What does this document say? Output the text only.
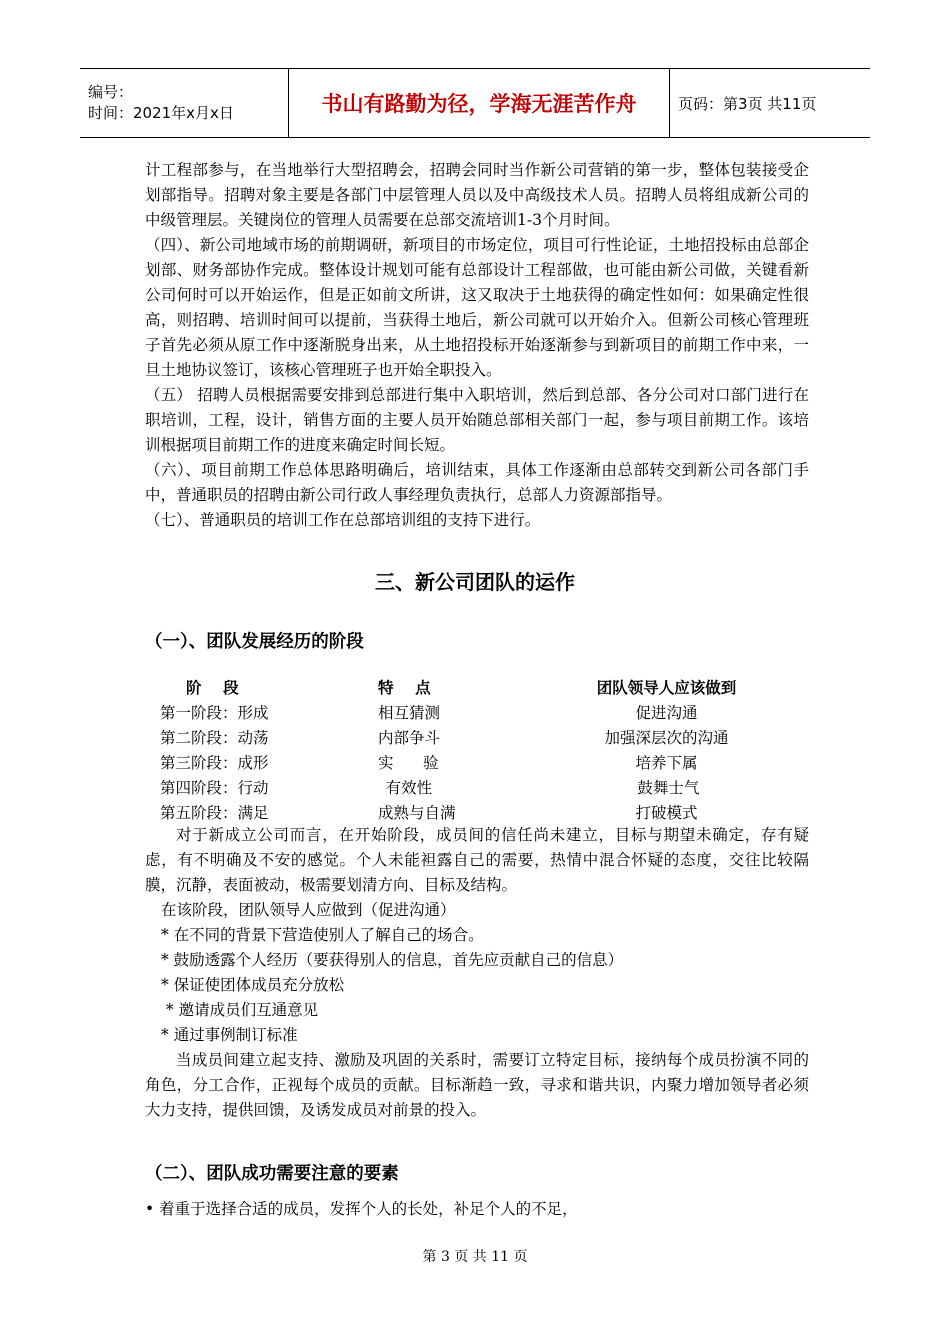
编号：
时间：2021年x月x日	书山有路勤为径，学海无涯苦作舟	页码：第3页 共11页

计工程部参与，在当地举行大型招聘会，招聘会同时当作新公司营销的第一步，整体包装接受企划部指导。招聘对象主要是各部门中层管理人员以及中高级技术人员。招聘人员将组成新公司的中级管理层。关键岗位的管理人员需要在总部交流培训1-3个月时间。

（四）、新公司地域市场的前期调研，新项目的市场定位，项目可行性论证，土地招投标由总部企划部、财务部协作完成。整体设计规划可能有总部设计工程部做，也可能由新公司做，关键看新公司何时可以开始运作，但是正如前文所讲，这又取决于土地获得的确定性如何：如果确定性很高，则招聘、培训时间可以提前，当获得土地后，新公司就可以开始介入。但新公司核心管理班子首先必须从原工作中逐渐脱身出来，从土地招投标开始逐渐参与到新项目的前期工作中来，一旦土地协议签订，该核心管理班子也开始全职投入。

（五） 招聘人员根据需要安排到总部进行集中入职培训，然后到总部、各分公司对口部门进行在职培训，工程，设计，销售方面的主要人员开始随总部相关部门一起，参与项目前期工作。该培训根据项目前期工作的进度来确定时间长短。

（六）、项目前期工作总体思路明确后，培训结束，具体工作逐渐由总部转交到新公司各部门手中，普通职员的招聘由新公司行政人事经理负责执行，总部人力资源部指导。

（七）、普通职员的培训工作在总部培训组的支持下进行。

三、新公司团队的运作
（一）、团队发展经历的阶段
阶    段	特    点	团队领导人应该做到
第一阶段：形成	相互猜测	促进沟通
第二阶段：动荡	内部争斗	加强深层次的沟通
第三阶段：成形	实      验	培养下属
第四阶段：行动	有效性	鼓舞士气
第五阶段：满足	成熟与自满	打破模式

对于新成立公司而言，在开始阶段，成员间的信任尚未建立，目标与期望未确定，存有疑虑，有不明确及不安的感觉。个人未能袒露自己的需要，热情中混合怀疑的态度，交往比较隔膜，沉静，表面被动，极需要划清方向、目标及结构。

在该阶段，团队领导人应做到（促进沟通）

* 在不同的背景下营造使别人了解自己的场合。

* 鼓励透露个人经历（要获得别人的信息，首先应贡献自己的信息）

* 保证使团体成员充分放松

* 邀请成员们互通意见

* 通过事例制订标准

当成员间建立起支持、激励及巩固的关系时，需要订立特定目标，接纳每个成员扮演不同的角色，分工合作，正视每个成员的贡献。目标渐趋一致，寻求和谐共识，内聚力增加领导者必须大力支持，提供回馈，及诱发成员对前景的投入。

（二）、团队成功需要注意的要素
• 着重于选择合适的成员，发挥个人的长处，补足个人的不足，
第 3 页 共 11 页
